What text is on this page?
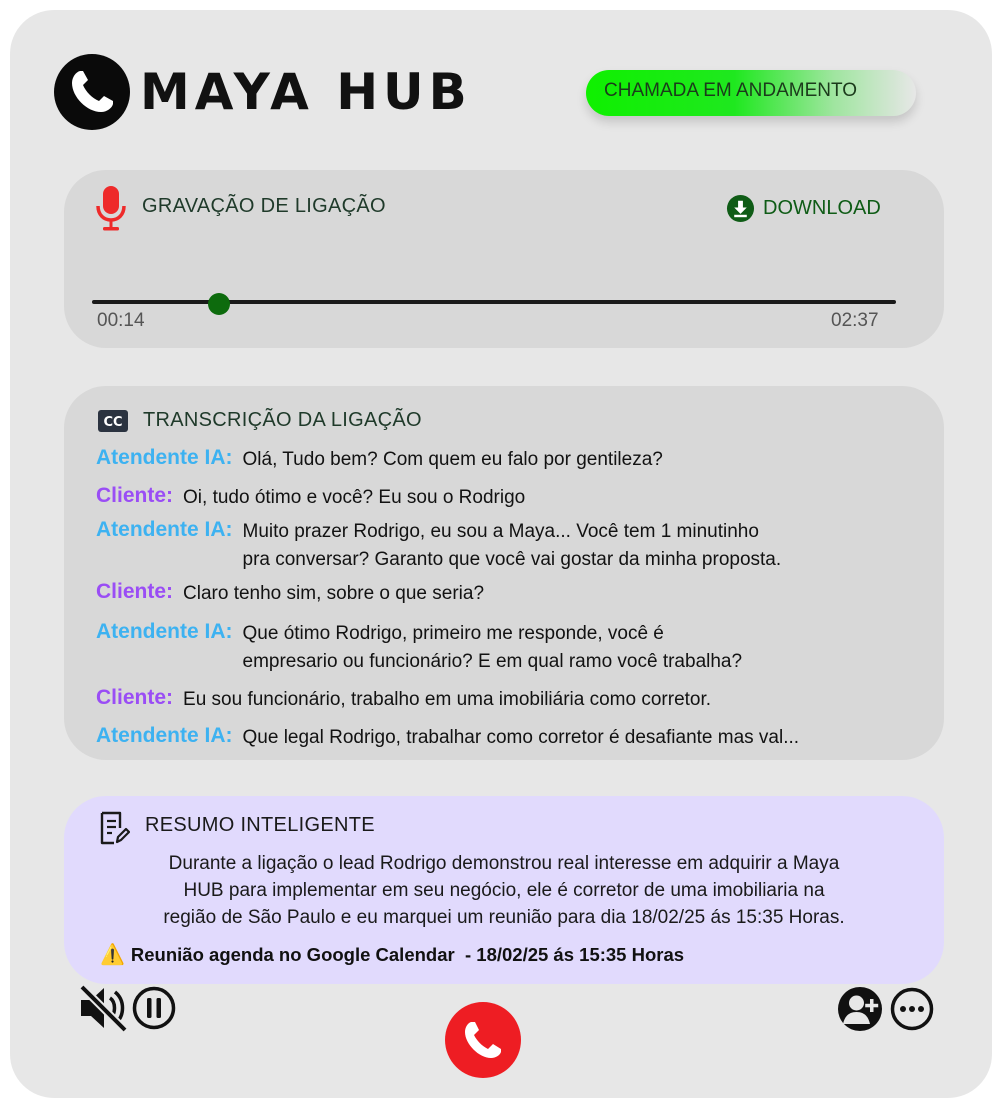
MAYA HUB	CHAMADA EM ANDAMENTO
GRAVAÇÃO DE LIGAÇÃO	DOWNLOAD
00:14	02:37
CC TRANSCRIÇÃO DA LIGAÇÃO
Atendente IA: Olá, Tudo bem? Com quem eu falo por gentileza?
Cliente: Oi, tudo ótimo e você? Eu sou o Rodrigo
Atendente IA: Muito prazer Rodrigo, eu sou a Maya... Você tem 1 minutinho
pra conversar? Garanto que você vai gostar da minha proposta.
Cliente: Claro tenho sim, sobre o que seria?
Atendente IA: Que ótimo Rodrigo, primeiro me responde, você é
empresario ou funcionário? E em qual ramo você trabalha?
Cliente: Eu sou funcionário, trabalho em uma imobiliária como corretor.
Atendente IA: Que legal Rodrigo, trabalhar como corretor é desafiante mas val...
RESUMO INTELIGENTE
Durante a ligação o lead Rodrigo demonstrou real interesse em adquirir a Maya
HUB para implementar em seu negócio, ele é corretor de uma imobiliaria na
região de São Paulo e eu marquei um reunião para dia 18/02/25 ás 15:35 Horas.
⚠️ Reunião agenda no Google Calendar  - 18/02/25 ás 15:35 Horas
